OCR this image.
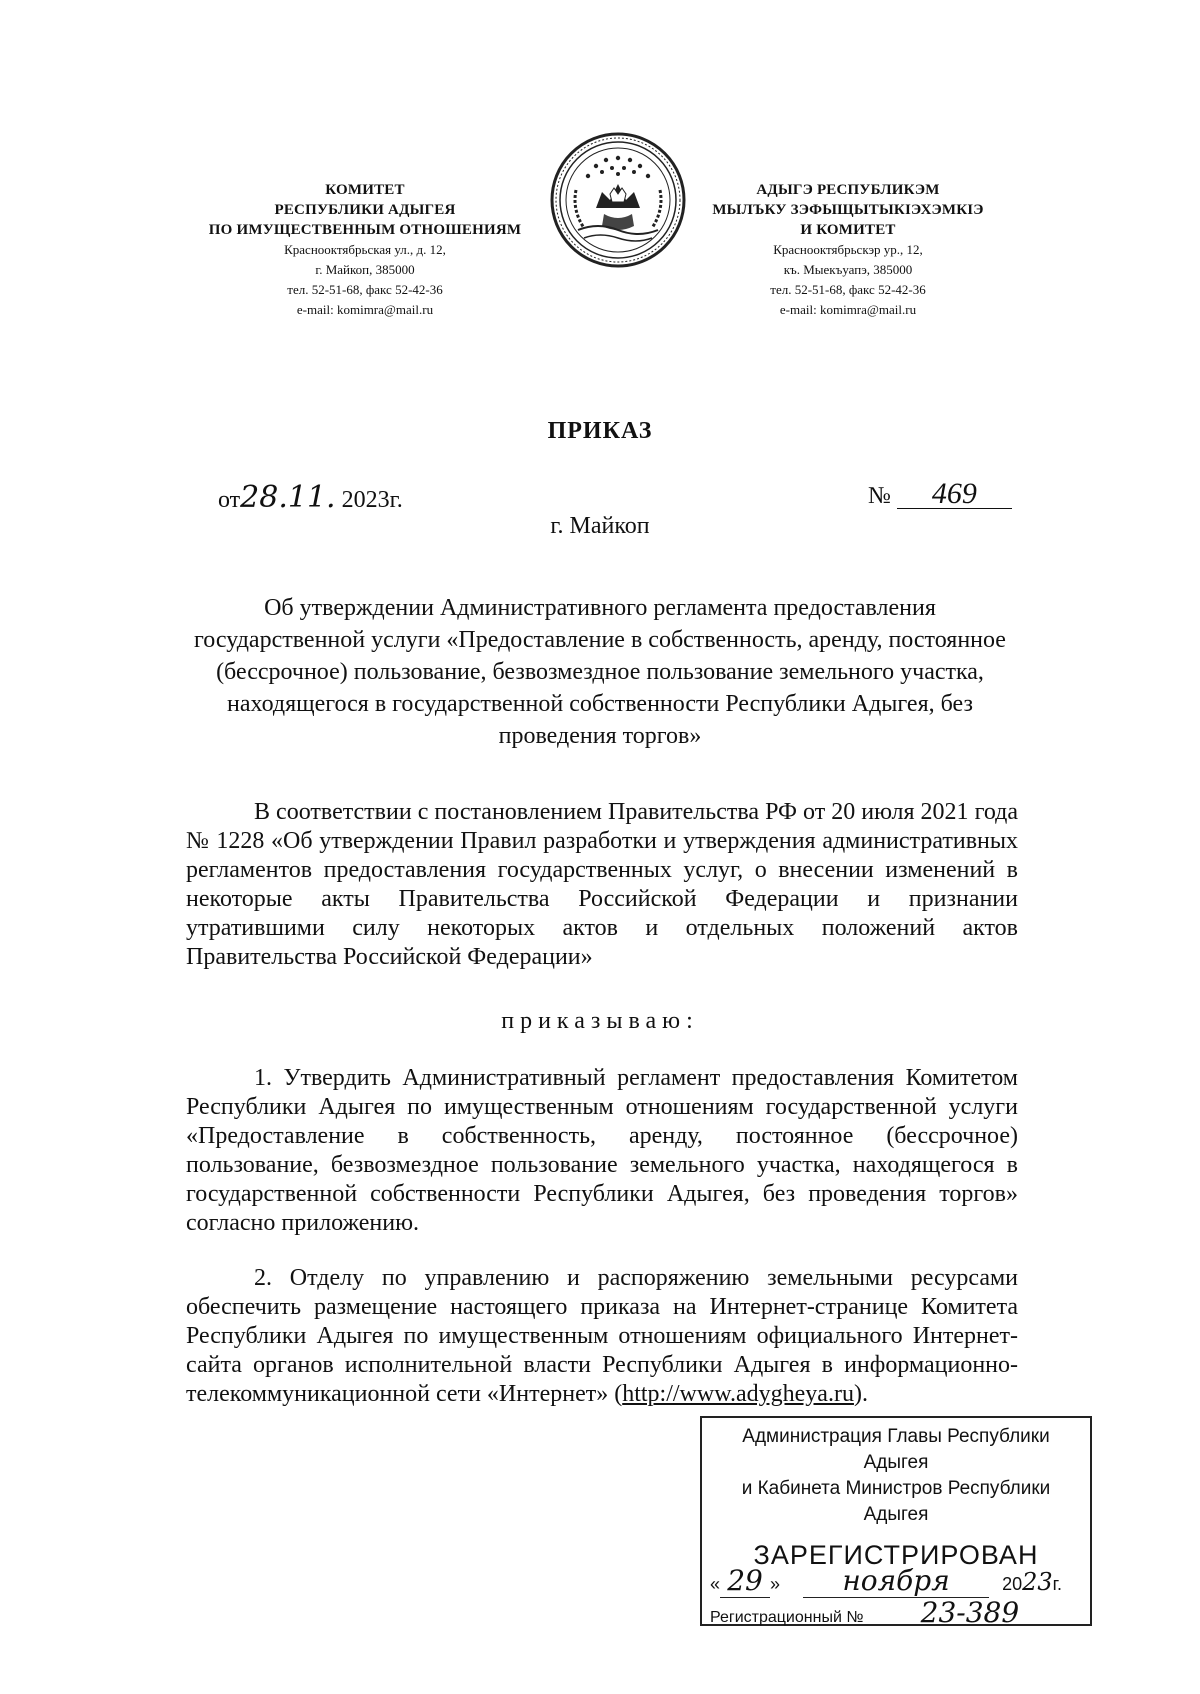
КОМИТЕТ
РЕСПУБЛИКИ АДЫГЕЯ
ПО ИМУЩЕСТВЕННЫМ ОТНОШЕНИЯМ
Краснооктябрьская ул., д. 12,
г. Майкоп, 385000
тел. 52-51-68, факс 52-42-36
e-mail: komimra@mail.ru
АДЫГЭ РЕСПУБЛИКЭМ
МЫЛЪКУ ЗЭФЫЩЫТЫКIЭХЭМКIЭ
И КОМИТЕТ
Краснооктябрьскэр ур., 12,
къ. Мыекъуапэ, 385000
тел. 52-51-68, факс 52-42-36
e-mail: komimra@mail.ru
ПРИКАЗ
от28.11. 2023г.	№ 469
г. Майкоп
Об утверждении Административного регламента предоставления государственной услуги «Предоставление в собственность, аренду, постоянное (бессрочное) пользование, безвозмездное пользование земельного участка, находящегося в государственной собственности Республики Адыгея, без проведения торгов»
В соответствии с постановлением Правительства РФ от 20 июля 2021 года № 1228 «Об утверждении Правил разработки и утверждения административных регламентов предоставления государственных услуг, о внесении изменений в некоторые акты Правительства Российской Федерации и признании утратившими силу некоторых актов и отдельных положений актов Правительства Российской Федерации»
приказываю:
1. Утвердить Административный регламент предоставления Комитетом Республики Адыгея по имущественным отношениям государственной услуги «Предоставление в собственность, аренду, постоянное (бессрочное) пользование, безвозмездное пользование земельного участка, находящегося в государственной собственности Республики Адыгея, без проведения торгов» согласно приложению.
2. Отделу по управлению и распоряжению земельными ресурсами обеспечить размещение настоящего приказа на Интернет-странице Комитета Республики Адыгея по имущественным отношениям официального Интернет-сайта органов исполнительной власти Республики Адыгея в информационно-телекоммуникационной сети «Интернет» (http://www.adygheya.ru).
Администрация Главы Республики Адыгея
и Кабинета Министров Республики Адыгея
ЗАРЕГИСТРИРОВАН
« 29 » ноября	2023г.
Регистрационный № 23-389
